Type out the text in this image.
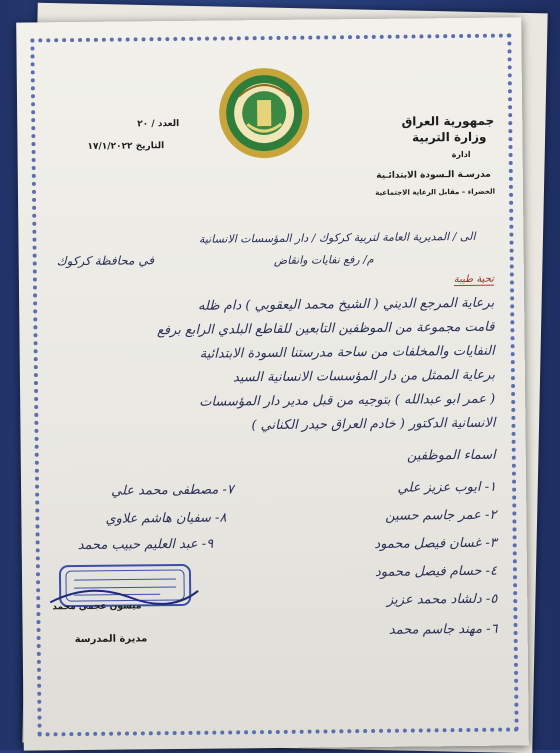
جمهورية العراق
وزارة التربية
ادارة
مدرسـة الـسودة الابتدائـية
الخضراء – مقابل الرعاية الاجتماعية
العدد / ٢٠
التاريخ ١٧/١/٢٠٢٢
الى / المديرية العامة لتربية كركوك / دار المؤسسات الانسانية
في محافظة كركوك	م/ رفع نفايات وانقاض
تحية طيبة
برعاية المرجع الديني ( الشيخ محمد اليعقوبي ) دام ظله
قامت مجموعة من الموظفين التابعين للقاطع البلدي الرابع برفع
النفايات والمخلفات من ساحة مدرستنا السودة الابتدائية
برعاية الممثل من دار المؤسسات الانسانية السيد
( عمر ابو عبدالله ) بتوجيه من قبل مدير دار المؤسسات
الانسانية الدكتور ( خادم العراق حيدر الكناني )
اسماء الموظفين
١- ايوب عزيز علي
٢- عمر جاسم حسين
٣- غسان فيصل محمود
٤- حسام فيصل محمود
٥- دلشاد محمد عزيز
٦- مهند جاسم محمد
٧- مصطفى محمد علي
٨- سفيان هاشم علاوي
٩- عبد العليم حبيب محمد
ميسون عجمي محمد
مديرة المدرسة
